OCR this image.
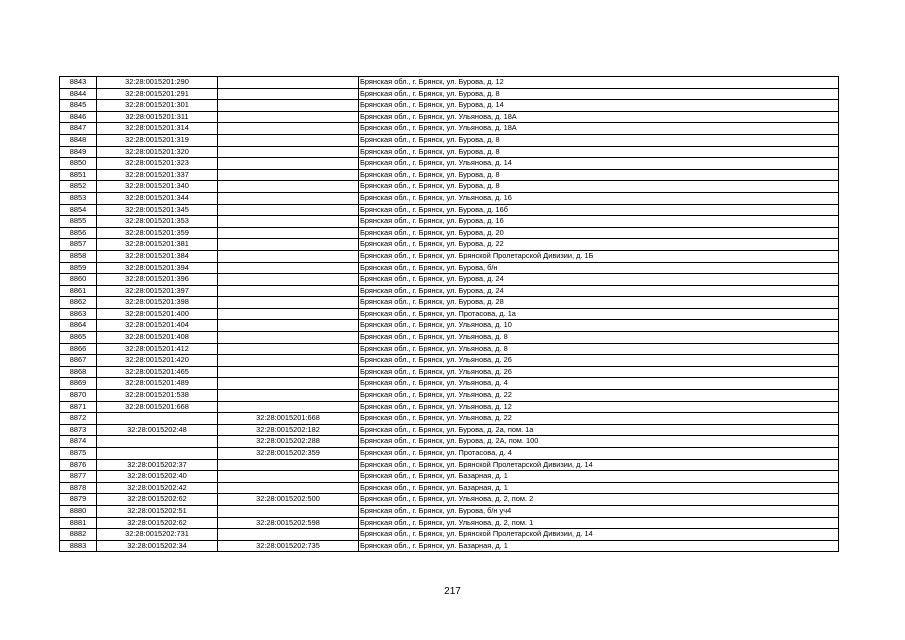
8843	32:28:0015201:290		Брянская обл., г. Брянск, ул. Бурова, д. 12
8844	32:28:0015201:291		Брянская обл., г. Брянск, ул. Бурова, д. 8
8845	32:28:0015201:301		Брянская обл., г. Брянск, ул. Бурова, д. 14
8846	32:28:0015201:311		Брянская обл., г. Брянск, ул. Ульянова, д. 18А
8847	32:28:0015201:314		Брянская обл., г. Брянск, ул. Ульянова, д. 18А
8848	32:28:0015201:319		Брянская обл., г. Брянск, ул. Бурова, д. 8
8849	32:28:0015201:320		Брянская обл., г. Брянск, ул. Бурова, д. 8
8850	32:28:0015201:323		Брянская обл., г. Брянск, ул. Ульянова, д. 14
8851	32:28:0015201:337		Брянская обл., г. Брянск, ул. Бурова, д. 8
8852	32:28:0015201:340		Брянская обл., г. Брянск, ул. Бурова, д. 8
8853	32:28:0015201:344		Брянская обл., г. Брянск, ул. Ульянова, д. 16
8854	32:28:0015201:345		Брянская обл., г. Брянск, ул. Бурова, д. 16б
8855	32:28:0015201:353		Брянская обл., г. Брянск, ул. Бурова, д. 16
8856	32:28:0015201:359		Брянская обл., г. Брянск, ул. Бурова, д. 20
8857	32:28:0015201:381		Брянская обл., г. Брянск, ул. Бурова, д. 22
8858	32:28:0015201:384		Брянская обл., г. Брянск, ул. Брянской Пролетарской Дивизии, д. 1Б
8859	32:28:0015201:394		Брянская обл., г. Брянск, ул. Бурова, б/н
8860	32:28:0015201:396		Брянская обл., г. Брянск, ул. Бурова, д. 24
8861	32:28:0015201:397		Брянская обл., г. Брянск, ул. Бурова, д. 24
8862	32:28:0015201:398		Брянская обл., г. Брянск, ул. Бурова, д. 28
8863	32:28:0015201:400		Брянская обл., г. Брянск, ул. Протасова, д. 1а
8864	32:28:0015201:404		Брянская обл., г. Брянск, ул. Ульянова, д. 10
8865	32:28:0015201:408		Брянская обл., г. Брянск, ул. Ульянова, д. 8
8866	32:28:0015201:412		Брянская обл., г. Брянск, ул. Ульянова, д. 8
8867	32:28:0015201:420		Брянская обл., г. Брянск, ул. Ульянова, д. 26
8868	32:28:0015201:465		Брянская обл., г. Брянск, ул. Ульянова, д. 26
8869	32:28:0015201:489		Брянская обл., г. Брянск, ул. Ульянова, д. 4
8870	32:28:0015201:538		Брянская обл., г. Брянск, ул. Ульянова, д. 22
8871	32:28:0015201:668		Брянская обл., г. Брянск, ул. Ульянова, д. 12
8872		32:28:0015201:668	Брянская обл., г. Брянск, ул. Ульянова, д. 22
8873	32:28:0015202:48	32:28:0015202:182	Брянская обл., г. Брянск, ул. Бурова, д. 2а, пом. 1а
8874		32:28:0015202:288	Брянская обл., г. Брянск, ул. Бурова, д. 2А, пом. 100
8875		32:28:0015202:359	Брянская обл., г. Брянск, ул. Протасова, д. 4
8876	32:28:0015202:37		Брянская обл., г. Брянск, ул. Брянской Пролетарской Дивизии, д. 14
8877	32:28:0015202:40		Брянская обл., г. Брянск, ул. Базарная, д. 1
8878	32:28:0015202:42		Брянская обл., г. Брянск, ул. Базарная, д. 1
8879	32:28:0015202:62	32:28:0015202:500	Брянская обл., г. Брянск, ул. Ульянова, д. 2, пом. 2
8880	32:28:0015202:51		Брянская обл., г. Брянск, ул. Бурова, б/н уч4
8881	32:28:0015202:62	32:28:0015202:598	Брянская обл., г. Брянск, ул. Ульянова, д. 2, пом. 1
8882	32:28:0015202:731		Брянская обл., г. Брянск, ул. Брянской Пролетарской Дивизии, д. 14
8883	32:28:0015202:34	32:28:0015202:735	Брянская обл., г. Брянск, ул. Базарная, д. 1
217
